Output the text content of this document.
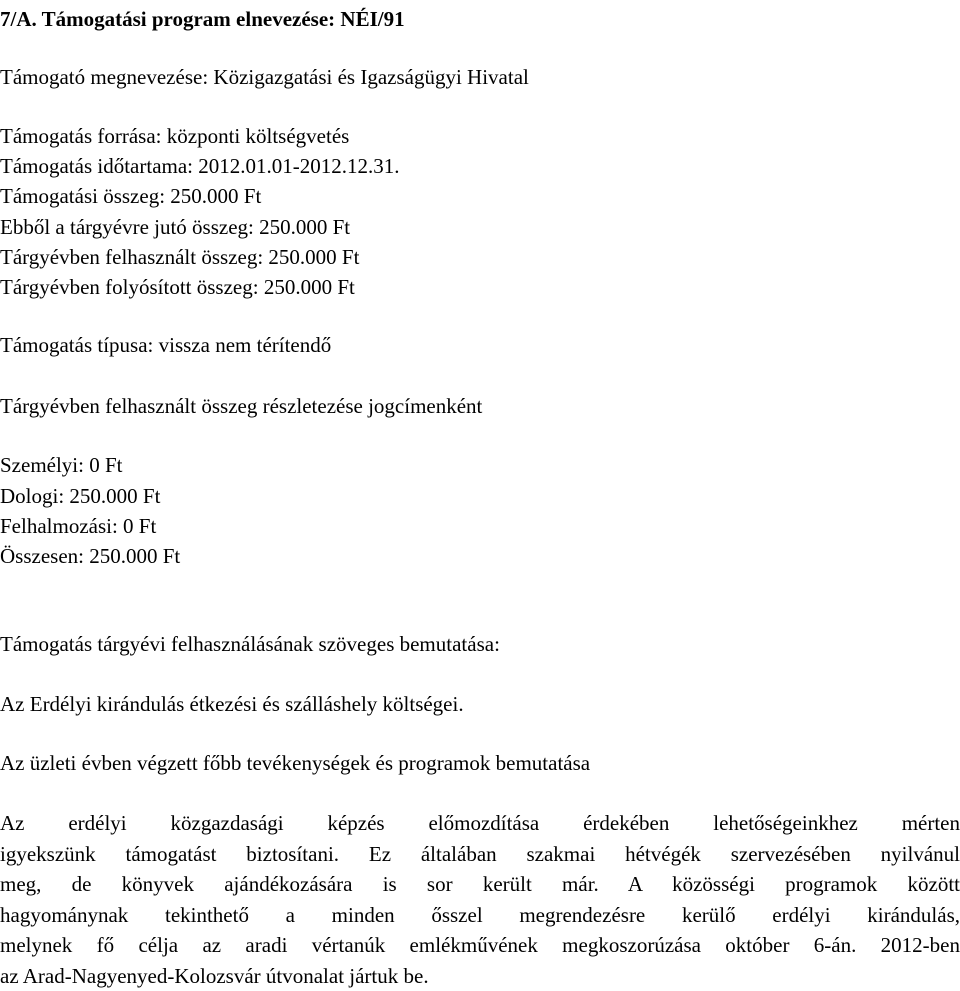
7/A. Támogatási program elnevezése: NÉI/91

Támogató megnevezése: Közigazgatási és Igazságügyi Hivatal

Támogatás forrása: központi költségvetés

Támogatás időtartama: 2012.01.01-2012.12.31.

Támogatási összeg: 250.000 Ft

Ebből a tárgyévre jutó összeg: 250.000 Ft

Tárgyévben felhasznált összeg: 250.000 Ft

Tárgyévben folyósított összeg: 250.000 Ft

Támogatás típusa: vissza nem térítendő

Tárgyévben felhasznált összeg részletezése jogcímenként

Személyi: 0 Ft

Dologi: 250.000 Ft

Felhalmozási: 0 Ft

Összesen: 250.000 Ft

Támogatás tárgyévi felhasználásának szöveges bemutatása:

Az Erdélyi kirándulás étkezési és szálláshely költségei.

Az üzleti évben végzett főbb tevékenységek és programok bemutatása

Az erdélyi közgazdasági képzés előmozdítása érdekében lehetőségeinkhez mérten
igyekszünk támogatást biztosítani. Ez általában szakmai hétvégék szervezésében nyilvánul
meg, de könyvek ajándékozására is sor került már. A közösségi programok között
hagyománynak tekinthető a minden ősszel megrendezésre kerülő erdélyi kirándulás,
melynek fő célja az aradi vértanúk emlékművének megkoszorúzása október 6-án. 2012-ben
az Arad-Nagyenyed-Kolozsvár útvonalat jártuk be.
